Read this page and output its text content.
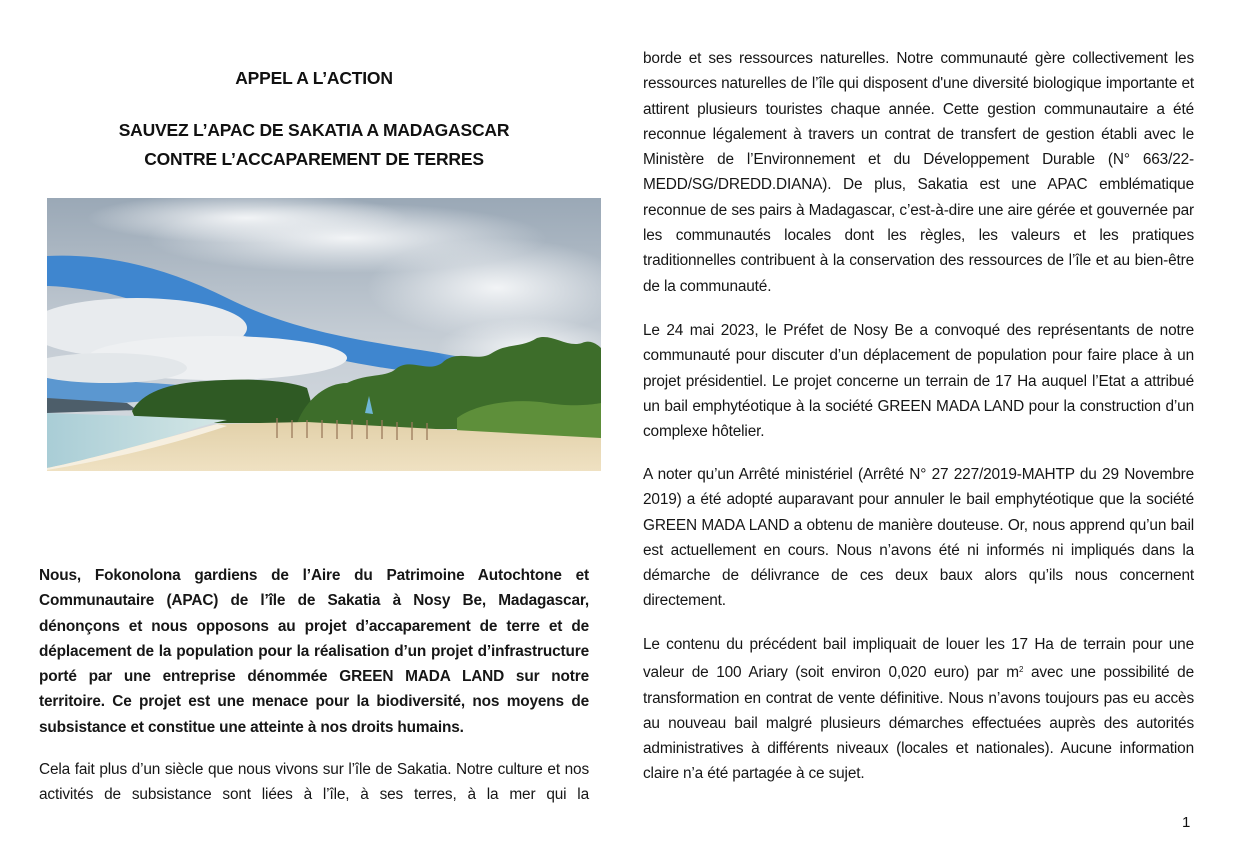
APPEL A L’ACTION
SAUVEZ L’APAC DE SAKATIA A MADAGASCAR
CONTRE L’ACCAPAREMENT DE TERRES

Nous, Fokonolona gardiens de l’Aire du Patrimoine Autochtone et Communautaire (APAC) de l’île de Sakatia à Nosy Be, Madagascar, dénonçons et nous opposons au projet d’accaparement de terre et de déplacement de la population pour la réalisation d’un projet d’infrastructure porté par une entreprise dénommée GREEN MADA LAND sur notre territoire. Ce projet est une menace pour la biodiversité, nos moyens de subsistance et constitue une atteinte à nos droits humains.

Cela fait plus d’un siècle que nous vivons sur l’île de Sakatia. Notre culture et nos activités de subsistance sont liées à l’île, à ses terres, à la mer qui la

borde et ses ressources naturelles. Notre communauté gère collectivement les ressources naturelles de l’île qui disposent d'une diversité biologique importante et attirent plusieurs touristes chaque année. Cette gestion communautaire a été reconnue légalement à travers un contrat de transfert de gestion établi avec le Ministère de l’Environnement et du Développement Durable (N° 663/22-MEDD/SG/DREDD.DIANA). De plus, Sakatia est une APAC emblématique reconnue de ses pairs à Madagascar, c’est-à-dire une aire gérée et gouvernée par les communautés locales dont les règles, les valeurs et les pratiques traditionnelles contribuent à la conservation des ressources de l’île et au bien-être de la communauté.

Le 24 mai 2023, le Préfet de Nosy Be a convoqué des représentants de notre communauté pour discuter d’un déplacement de population pour faire place à un projet présidentiel. Le projet concerne un terrain de 17 Ha auquel l’Etat a attribué un bail emphytéotique à la société GREEN MADA LAND pour la construction d’un complexe hôtelier.

A noter qu’un Arrêté ministériel (Arrêté N° 27 227/2019-MAHTP du 29 Novembre 2019) a été adopté auparavant pour annuler le bail emphytéotique que la société GREEN MADA LAND a obtenu de manière douteuse. Or, nous apprend qu’un bail est actuellement en cours. Nous n’avons été ni informés ni impliqués dans la démarche de délivrance de ces deux baux alors qu’ils nous concernent directement.

Le contenu du précédent bail impliquait de louer les 17 Ha de terrain pour une valeur de 100 Ariary (soit environ 0,020 euro) par $m^2$ avec une possibilité de transformation en contrat de vente définitive. Nous n’avons toujours pas eu accès au nouveau bail malgré plusieurs démarches effectuées auprès des autorités administratives à différents niveaux (locales et nationales). Aucune information claire n’a été partagée à ce sujet.

1
